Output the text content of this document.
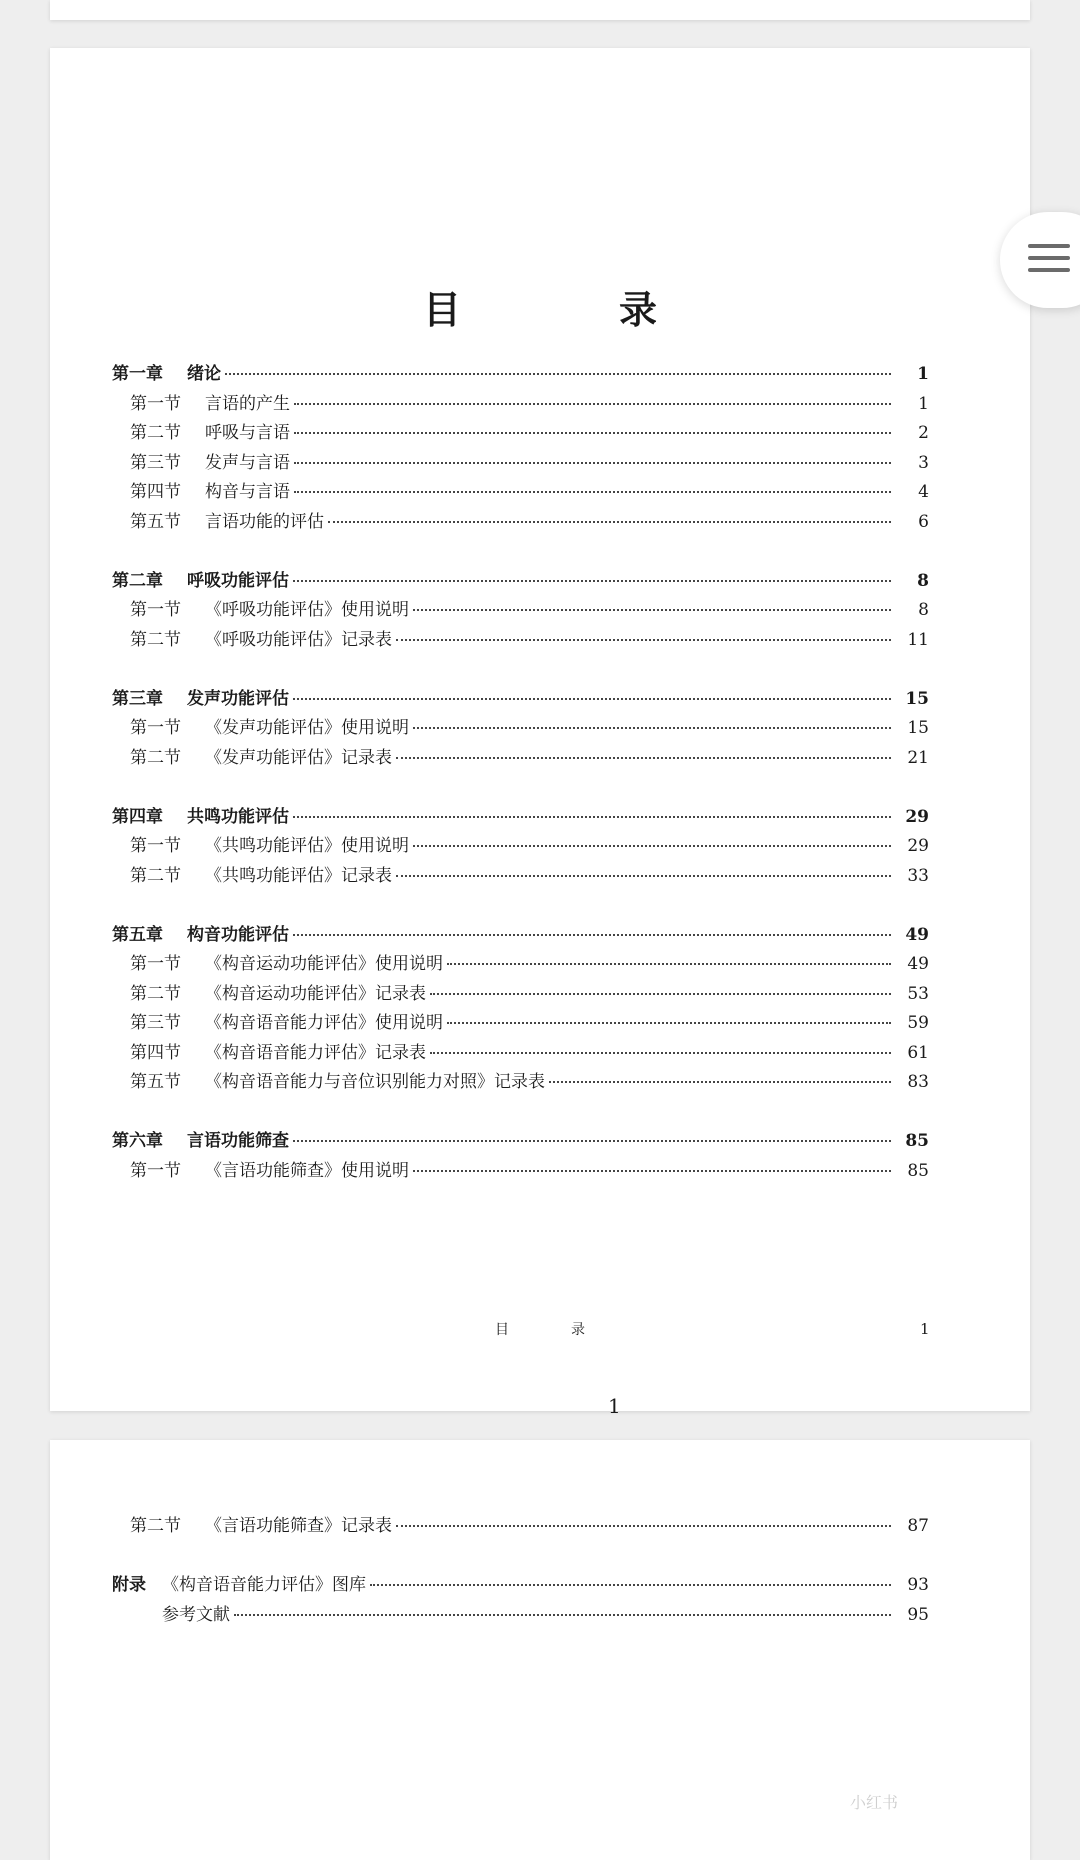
目　录
目　录	1
1
第一章	绪论	1
第一节	言语的产生	1
第二节	呼吸与言语	2
第三节	发声与言语	3
第四节	构音与言语	4
第五节	言语功能的评估	6
第二章	呼吸功能评估	8
第一节	《呼吸功能评估》使用说明	8
第二节	《呼吸功能评估》记录表	11
第三章	发声功能评估	15
第一节	《发声功能评估》使用说明	15
第二节	《发声功能评估》记录表	21
第四章	共鸣功能评估	29
第一节	《共鸣功能评估》使用说明	29
第二节	《共鸣功能评估》记录表	33
第五章	构音功能评估	49
第一节	《构音运动功能评估》使用说明	49
第二节	《构音运动功能评估》记录表	53
第三节	《构音语音能力评估》使用说明	59
第四节	《构音语音能力评估》记录表	61
第五节	《构音语音能力与音位识别能力对照》记录表	83
第六章	言语功能筛查	85
第一节	《言语功能筛查》使用说明	85
第二节	《言语功能筛查》记录表	87
附录 《构音语音能力评估》图库	93
参考文献	95
小红书
